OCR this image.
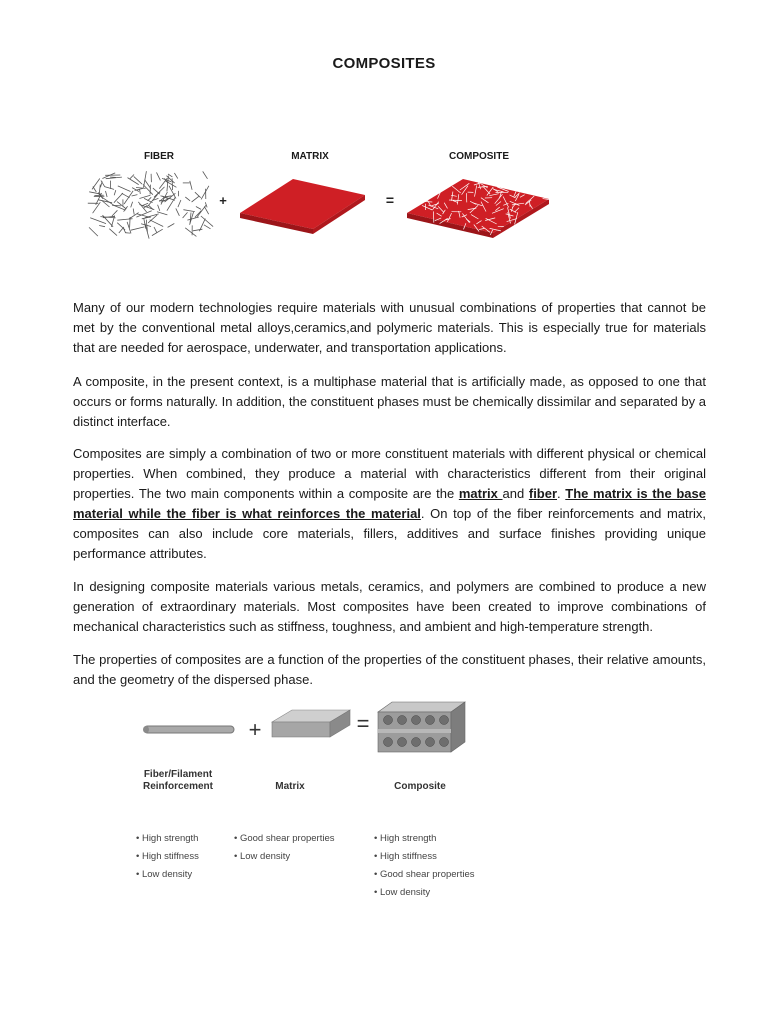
COMPOSITES
FIBER	MATRIX	COMPOSITE
+	=

Many of our modern technologies require materials with unusual combinations of properties that cannot be met by the conventional metal alloys,ceramics,and polymeric materials. This is especially true for materials that are needed for aerospace, underwater, and transportation applications.

A composite, in the present context, is a multiphase material that is artificially made, as opposed to one that occurs or forms naturally. In addition, the constituent phases must be chemically dissimilar and separated by a distinct interface.

Composites are simply a combination of two or more constituent materials with different physical or chemical properties. When combined, they produce a material with characteristics different from their original properties. The two main components within a composite are the matrix and fiber. The matrix is the base material while the fiber is what reinforces the material. On top of the fiber reinforcements and matrix, composites can also include core materials, fillers, additives and surface finishes providing unique performance attributes.

In designing composite materials various metals, ceramics, and polymers are combined to produce a new generation of extraordinary materials. Most composites have been created to improve combinations of mechanical characteristics such as stiffness, toughness, and ambient and high-temperature strength.

The properties of composites are a function of the properties of the constituent phases, their relative amounts, and the geometry of the dispersed phase.

+	=
Fiber/Filament
Reinforcement	Matrix	Composite
• High strength
• High stiffness
• Low density
• Good shear properties
• Low density
• High strength
• High stiffness
• Good shear properties
• Low density
